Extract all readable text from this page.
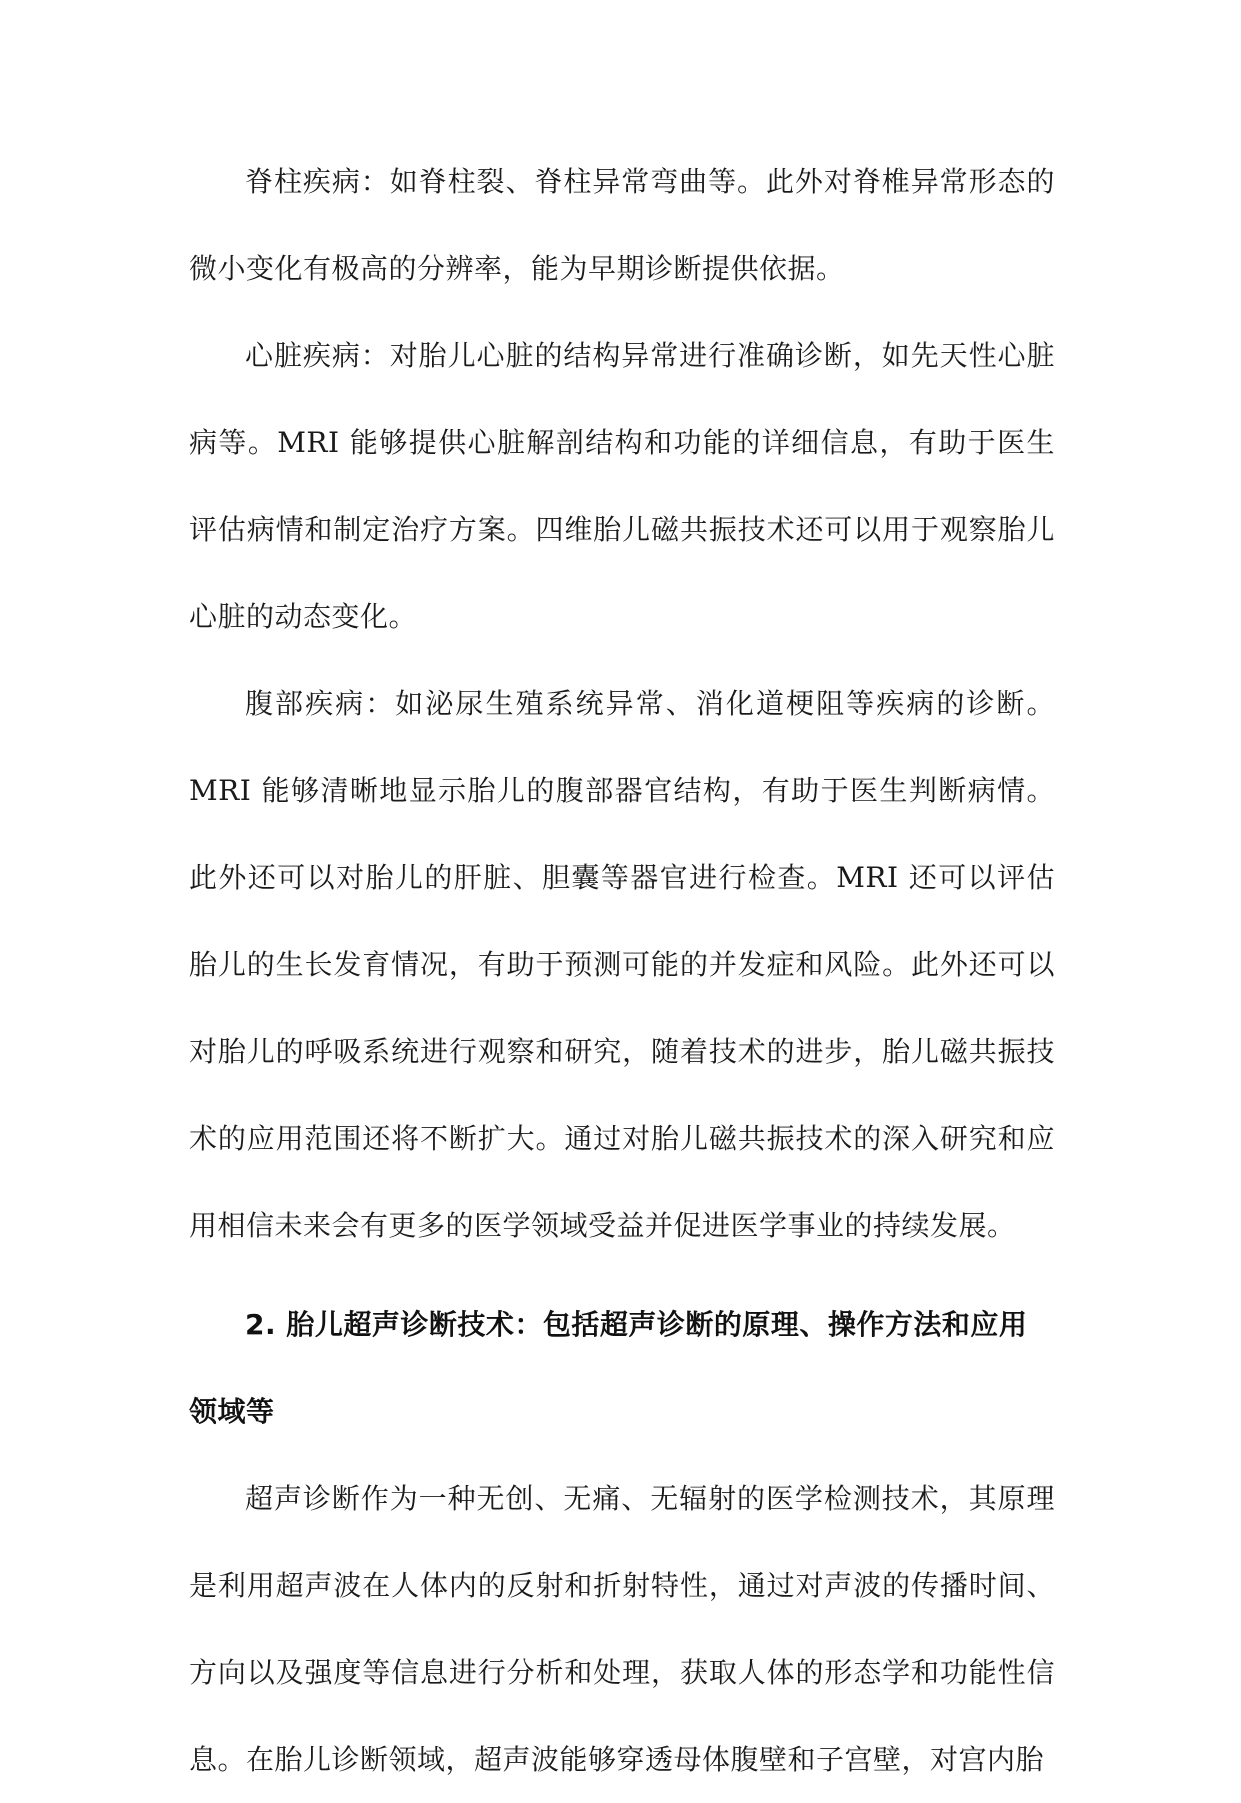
脊柱疾病：如脊柱裂、脊柱异常弯曲等。此外对脊椎异常形态的微小变化有极高的分辨率，能为早期诊断提供依据。

心脏疾病：对胎儿心脏的结构异常进行准确诊断，如先天性心脏病等。MRI 能够提供心脏解剖结构和功能的详细信息，有助于医生评估病情和制定治疗方案。四维胎儿磁共振技术还可以用于观察胎儿心脏的动态变化。

腹部疾病：如泌尿生殖系统异常、消化道梗阻等疾病的诊断。MRI 能够清晰地显示胎儿的腹部器官结构，有助于医生判断病情。此外还可以对胎儿的肝脏、胆囊等器官进行检查。MRI 还可以评估胎儿的生长发育情况，有助于预测可能的并发症和风险。此外还可以对胎儿的呼吸系统进行观察和研究，随着技术的进步，胎儿磁共振技术的应用范围还将不断扩大。通过对胎儿磁共振技术的深入研究和应用相信未来会有更多的医学领域受益并促进医学事业的持续发展。

2. 胎儿超声诊断技术：包括超声诊断的原理、操作方法和应用领域等

超声诊断作为一种无创、无痛、无辐射的医学检测技术，其原理是利用超声波在人体内的反射和折射特性，通过对声波的传播时间、方向以及强度等信息进行分析和处理，获取人体的形态学和功能性信息。在胎儿诊断领域，超声波能够穿透母体腹壁和子宫壁，对宫内胎
